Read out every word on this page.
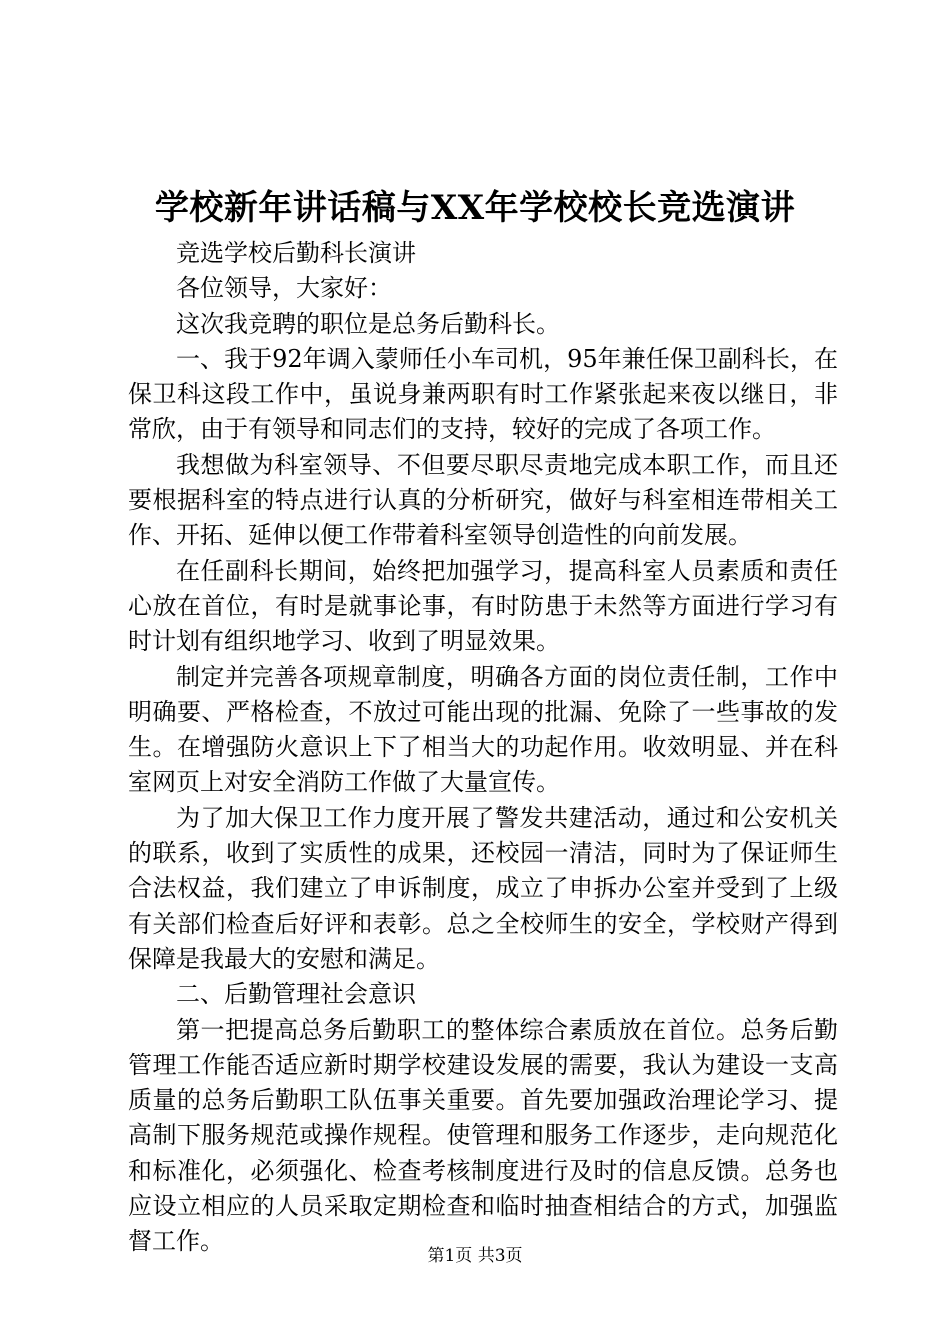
学校新年讲话稿与XX年学校校长竞选演讲

竞选学校后勤科长演讲

各位领导，大家好：

这次我竞聘的职位是总务后勤科长。

一、我于92年调入蒙师任小车司机，95年兼任保卫副科长，在保卫科这段工作中，虽说身兼两职有时工作紧张起来夜以继日，非常欣，由于有领导和同志们的支持，较好的完成了各项工作。

我想做为科室领导、不但要尽职尽责地完成本职工作，而且还要根据科室的特点进行认真的分析研究，做好与科室相连带相关工作、开拓、延伸以便工作带着科室领导创造性的向前发展。

在任副科长期间，始终把加强学习，提高科室人员素质和责任心放在首位，有时是就事论事，有时防患于未然等方面进行学习有时计划有组织地学习、收到了明显效果。

制定并完善各项规章制度，明确各方面的岗位责任制，工作中明确要、严格检查，不放过可能出现的批漏、免除了一些事故的发生。在增强防火意识上下了相当大的功起作用。收效明显、并在科室网页上对安全消防工作做了大量宣传。

为了加大保卫工作力度开展了警发共建活动，通过和公安机关的联系，收到了实质性的成果，还校园一清洁，同时为了保证师生合法权益，我们建立了申诉制度，成立了申拆办公室并受到了上级有关部们检查后好评和表彰。总之全校师生的安全，学校财产得到保障是我最大的安慰和满足。

二、后勤管理社会意识

第一把提高总务后勤职工的整体综合素质放在首位。总务后勤管理工作能否适应新时期学校建设发展的需要，我认为建设一支高质量的总务后勤职工队伍事关重要。首先要加强政治理论学习、提高制下服务规范或操作规程。使管理和服务工作逐步，走向规范化和标准化，必须强化、检查考核制度进行及时的信息反馈。总务也应设立相应的人员采取定期检查和临时抽查相结合的方式，加强监督工作。

第1页 共3页
